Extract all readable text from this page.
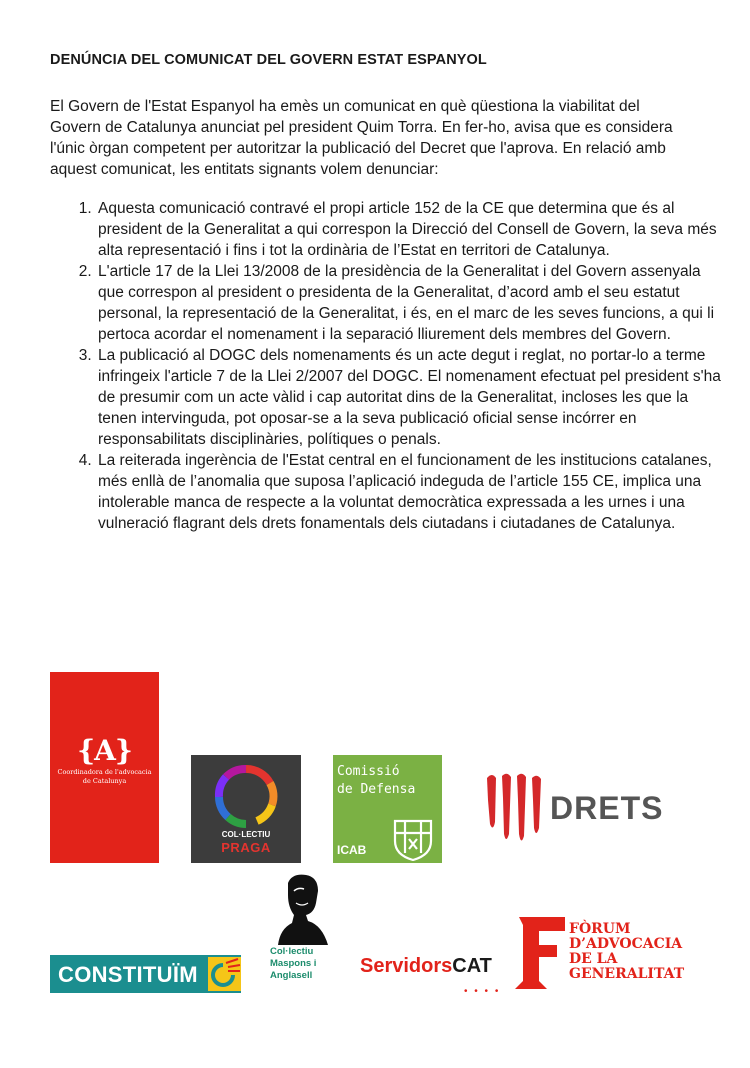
DENÚNCIA DEL COMUNICAT DEL GOVERN ESTAT ESPANYOL
El Govern de l'Estat Espanyol ha emès un comunicat en què qüestiona la viabilitat del Govern de Catalunya anunciat pel president Quim Torra. En fer-ho, avisa que es considera l'únic òrgan competent per autoritzar la publicació del Decret que l'aprova. En relació amb aquest comunicat, les entitats signants volem denunciar:
1. Aquesta comunicació contravé el propi article 152 de la CE que determina que és al president de la Generalitat a qui correspon la Direcció del Consell de Govern, la seva més alta representació i fins i tot la ordinària de l’Estat en territori de Catalunya.
2. L'article 17 de la Llei 13/2008 de la presidència de la Generalitat i del Govern assenyala que correspon al president o presidenta de la Generalitat, d’acord amb el seu estatut personal, la representació de la Generalitat, i és, en el marc de les seves funcions, a qui li pertoca acordar el nomenament i la separació lliurement dels membres del Govern.
3. La publicació al DOGC dels nomenaments és un acte degut i reglat, no portar-lo a terme infringeix l'article 7 de la Llei 2/2007 del DOGC. El nomenament efectuat pel president s'ha de presumir com un acte vàlid i cap autoritat dins de la Generalitat, incloses les que la tenen intervinguda, pot oposar-se a la seva publicació oficial sense incórrer en responsabilitats disciplinàries, polítiques o penals.
4. La reiterada ingerència de l'Estat central en el funcionament de les institucions catalanes, més enllà de l’anomalia que suposa l’aplicació indeguda de l’article 155 CE, implica una intolerable manca de respecte a la voluntat democràtica expressada a les urnes i una vulneració flagrant dels drets fonamentals dels ciutadans i ciutadanes de Catalunya.
{A}
Coordinadora de l'advocacia
de Catalunya
COL·LECTIU
PRAGA
Comissió
de Defensa
ICAB
DRETS
Col·lectiu
Maspons i
Anglasell
CONSTITUÏM	ServidorsCAT
• • • •
FÒRUM
D’ADVOCACIA
DE LA
GENERALITAT
